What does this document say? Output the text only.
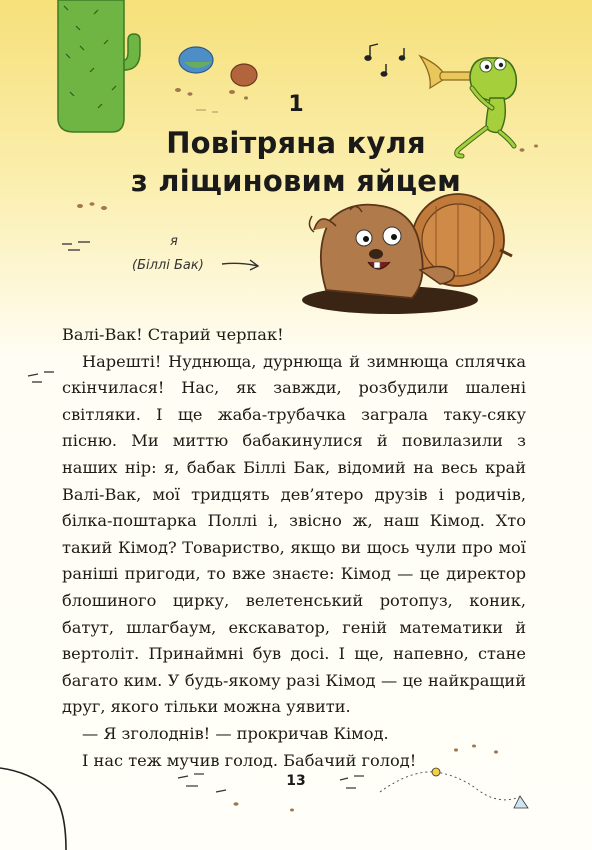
1
Повітряна куля
з ліщиновим яйцем
я
(Біллі Бак)

Валі-Вак! Старий черпак!

Нарешті! Нуднюща, дурнюща й зимнюща сплячка скінчилася! Нас, як завжди, розбудили шалені світляки. І ще жаба-трубачка заграла таку-сяку пісню. Ми миттю бабакинулися й повилазили з наших нір: я, бабак Біллі Бак, відомий на весь край Валі-Вак, мої тридцять дев’ятеро друзів і родичів, білка-поштарка Поллі і, звісно ж, наш Кімод. Хто такий Кімод? Товариство, якщо ви щось чули про мої раніші пригоди, то вже знаєте: Кімод — це директор блошиного цирку, велетенський ротопуз, коник, батут, шлагбаум, екскаватор, геній математики й вертоліт. Принаймні був досі. І ще, напевно, стане багато ким. У будь-якому разі Кімод — це найкращий друг, якого тільки можна уявити.

— Я зголоднів! — прокричав Кімод.

І нас теж мучив голод. Бабачий голод!

13
